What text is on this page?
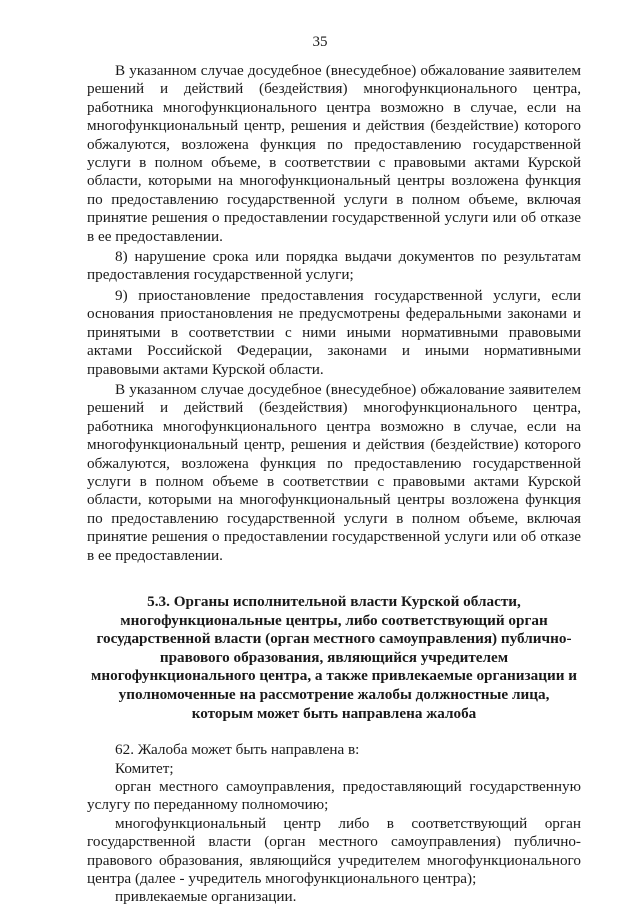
35

В указанном случае досудебное (внесудебное) обжалование заявителем решений и действий (бездействия) многофункционального центра, работника многофункционального центра возможно в случае, если на многофункциональный центр, решения и действия (бездействие) которого обжалуются, возложена функция по предоставлению государственной услуги в полном объеме, в соответствии с правовыми актами Курской области, которыми на многофункциональный центры возложена функция по предоставлению государственной услуги в полном объеме, включая принятие решения о предоставлении государственной услуги или об отказе в ее предоставлении.

8) нарушение срока или порядка выдачи документов по результатам предоставления государственной услуги;

9) приостановление предоставления государственной услуги, если основания приостановления не предусмотрены федеральными законами и принятыми в соответствии с ними иными нормативными правовыми актами Российской Федерации, законами и иными нормативными правовыми актами Курской области.

В указанном случае досудебное (внесудебное) обжалование заявителем решений и действий (бездействия) многофункционального центра, работника многофункционального центра возможно в случае, если на многофункциональный центр, решения и действия (бездействие) которого обжалуются, возложена функция по предоставлению государственной услуги в полном объеме в соответствии с правовыми актами Курской области, которыми на многофункциональный центры возложена функция по предоставлению государственной услуги в полном объеме, включая принятие решения о предоставлении государственной услуги или об отказе в ее предоставлении.

5.3. Органы исполнительной власти Курской области, многофункциональные центры, либо соответствующий орган государственной власти (орган местного самоуправления) публично-правового образования, являющийся учредителем многофункционального центра, а также привлекаемые организации и уполномоченные на рассмотрение жалобы должностные лица, которым может быть направлена жалоба

62. Жалоба может быть направлена в:

Комитет;

орган местного самоуправления, предоставляющий государственную услугу по переданному полномочию;

многофункциональный центр либо в соответствующий орган государственной власти (орган местного самоуправления) публично-правового образования, являющийся учредителем многофункционального центра (далее - учредитель многофункционального центра);

привлекаемые организации.
